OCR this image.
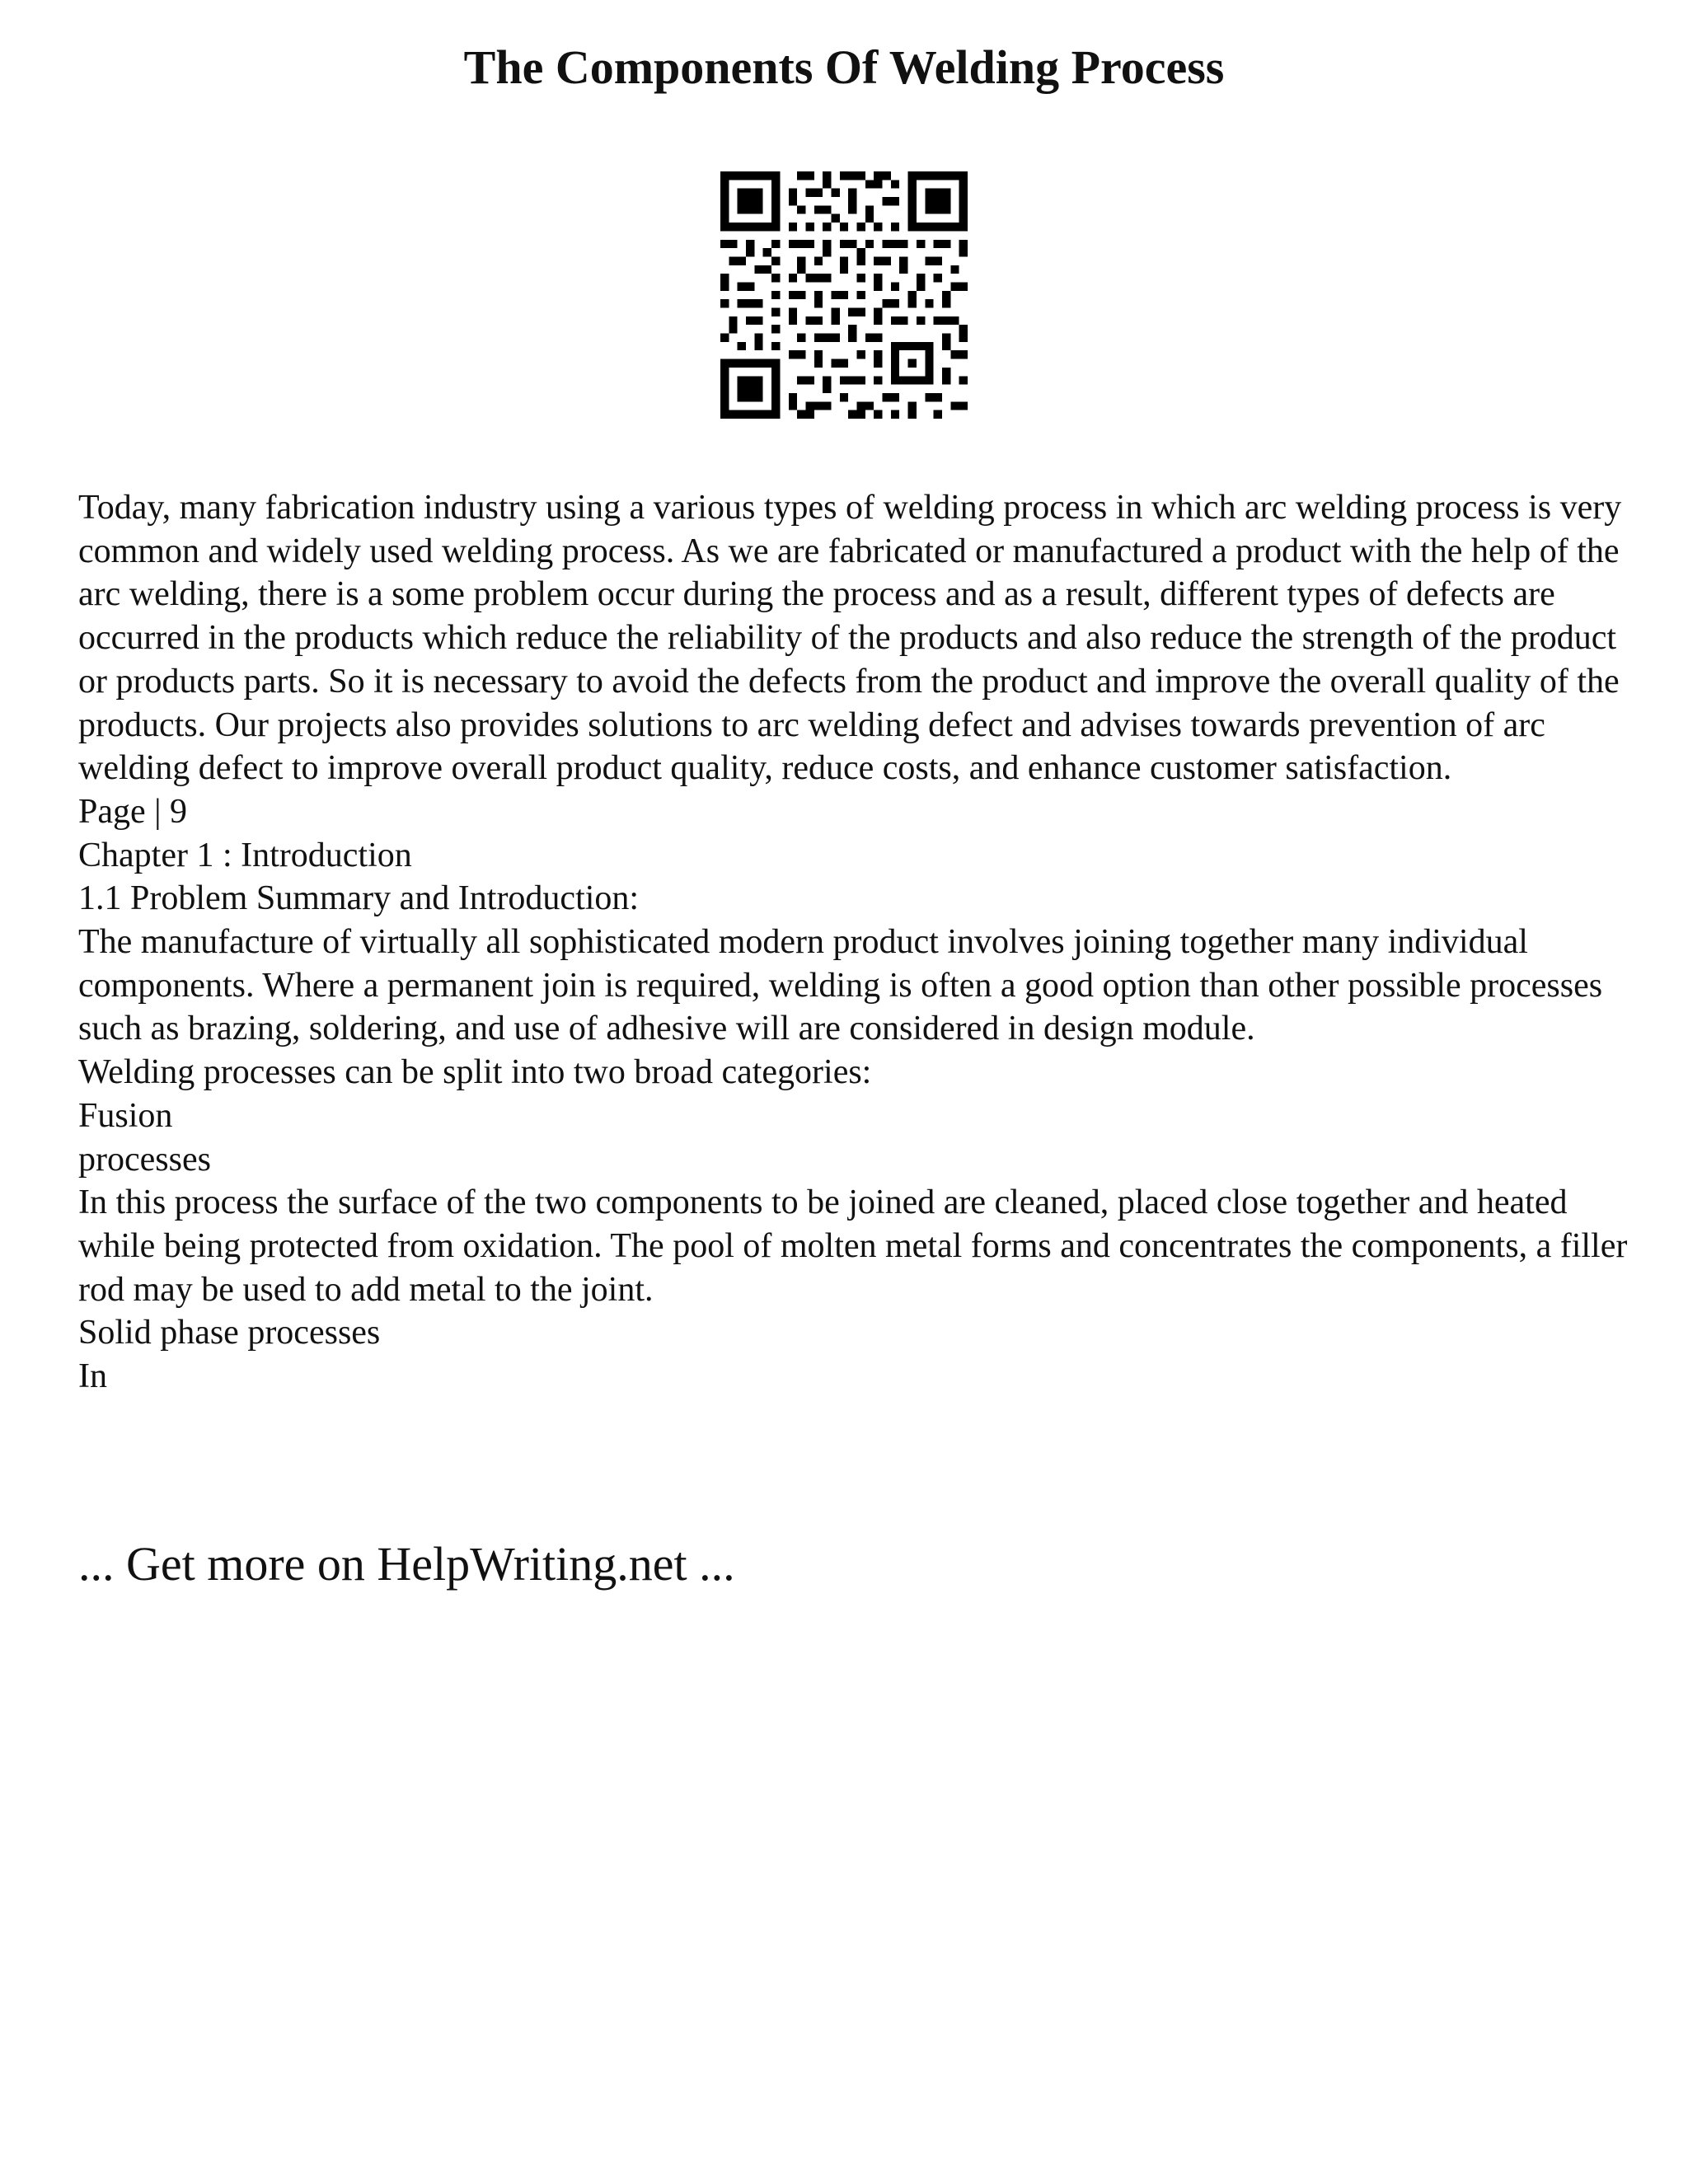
The Components Of Welding Process

Today, many fabrication industry using a various types of welding process in which arc welding process is very common and widely used welding process. As we are fabricated or manufactured a product with the help of the arc welding, there is a some problem occur during the process and as a result, different types of defects are occurred in the products which reduce the reliability of the products and also reduce the strength of the product or products parts. So it is necessary to avoid the defects from the product and improve the overall quality of the products. Our projects also provides solutions to arc welding defect and advises towards prevention of arc welding defect to improve overall product quality, reduce costs, and enhance customer satisfaction.

Page | 9

Chapter 1 : Introduction

1.1 Problem Summary and Introduction:

The manufacture of virtually all sophisticated modern product involves joining together many individual components. Where a permanent join is required, welding is often a good option than other possible processes such as brazing, soldering, and use of adhesive will are considered in design module.

Welding processes can be split into two broad categories:

Fusion

processes

In this process the surface of the two components to be joined are cleaned, placed close together and heated while being protected from oxidation. The pool of molten metal forms and concentrates the components, a filler rod may be used to add metal to the joint.

Solid phase processes

In

... Get more on HelpWriting.net ...
